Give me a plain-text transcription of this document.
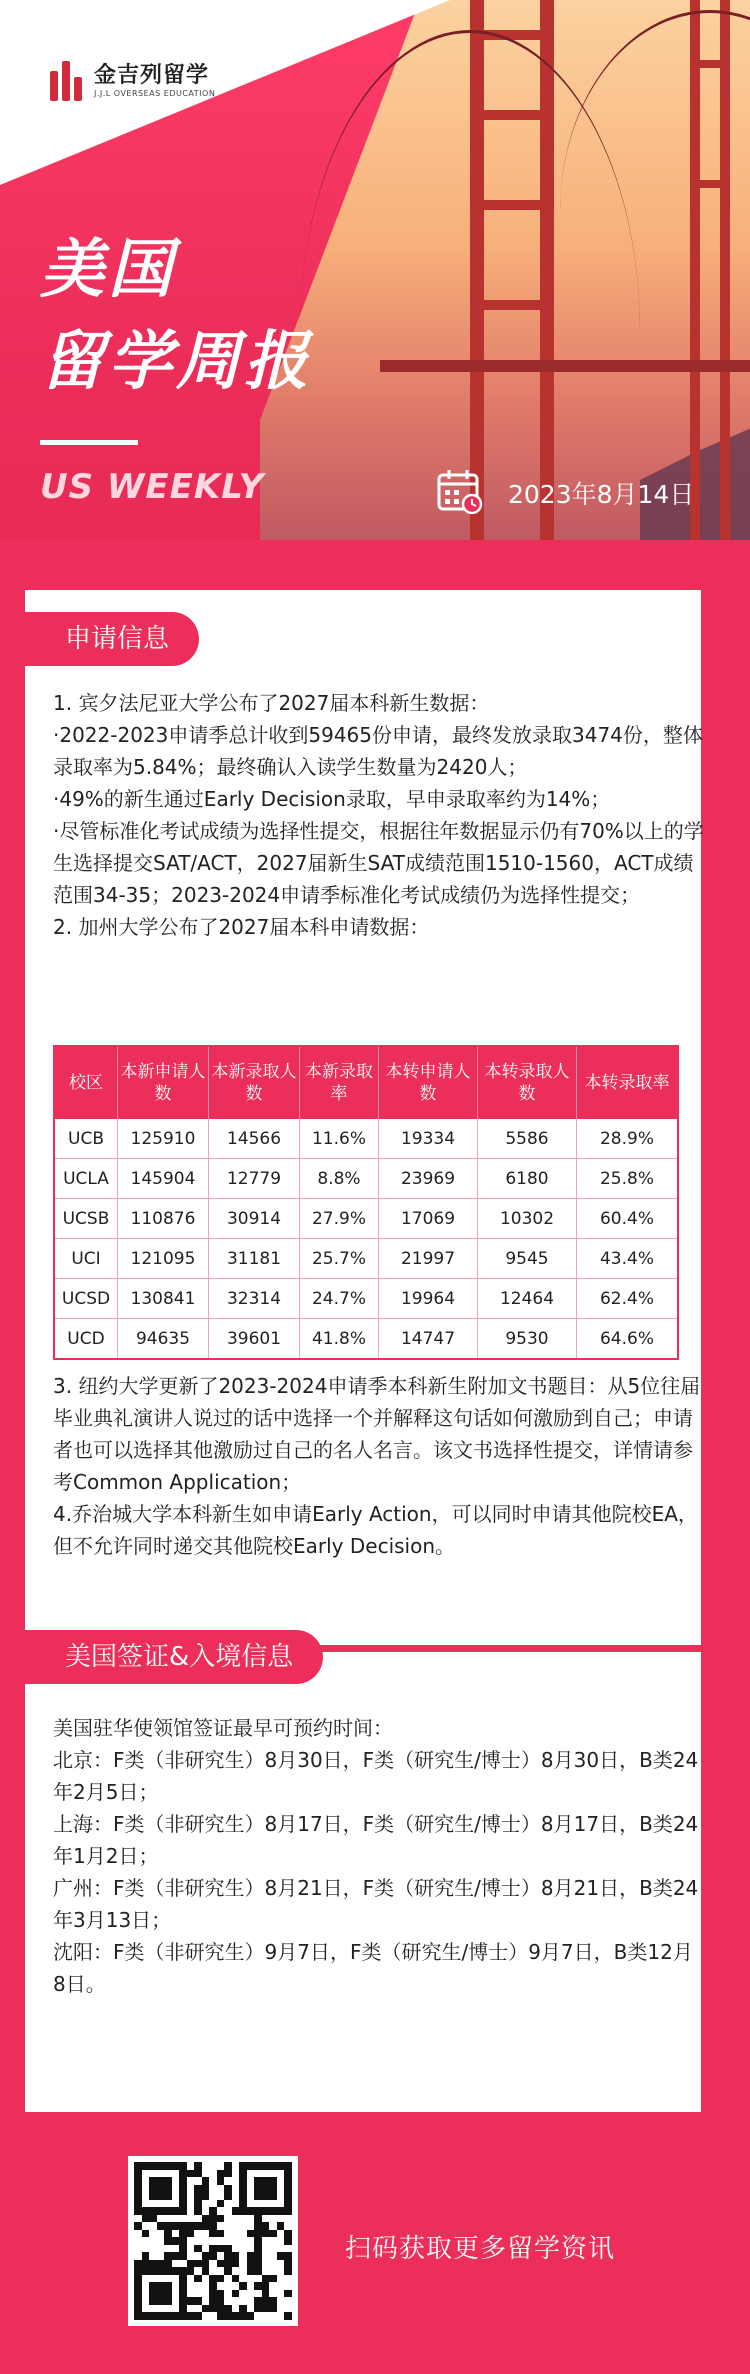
金吉列留学
J.J.L OVERSEAS EDUCATION
美国
留学周报
US WEEKLY	2023年8月14日
申请信息

1. 宾夕法尼亚大学公布了2027届本科新生数据：

·2022-2023申请季总计收到59465份申请，最终发放录取3474份，整体录取率为5.84%；最终确认入读学生数量为2420人；

·49%的新生通过Early Decision录取，早申录取率约为14%；

·尽管标准化考试成绩为选择性提交，根据往年数据显示仍有70%以上的学生选择提交SAT/ACT，2027届新生SAT成绩范围1510-1560，ACT成绩范围34-35；2023-2024申请季标准化考试成绩仍为选择性提交；

2. 加州大学公布了2027届本科申请数据：

校区	本新申请人数	本新录取人数	本新录取率	本转申请人数	本转录取人数	本转录取率
UCB	125910	14566	11.6%	19334	5586	28.9%
UCLA	145904	12779	8.8%	23969	6180	25.8%
UCSB	110876	30914	27.9%	17069	10302	60.4%
UCI	121095	31181	25.7%	21997	9545	43.4%
UCSD	130841	32314	24.7%	19964	12464	62.4%
UCD	94635	39601	41.8%	14747	9530	64.6%

3. 纽约大学更新了2023-2024申请季本科新生附加文书题目：从5位往届毕业典礼演讲人说过的话中选择一个并解释这句话如何激励到自己；申请者也可以选择其他激励过自己的名人名言。该文书选择性提交，详情请参考Common Application；

4.乔治城大学本科新生如申请Early Action，可以同时申请其他院校EA，但不允许同时递交其他院校Early Decision。

美国签证&入境信息

美国驻华使领馆签证最早可预约时间：

北京：F类（非研究生）8月30日，F类（研究生/博士）8月30日，B类24年2月5日；

上海：F类（非研究生）8月17日，F类（研究生/博士）8月17日，B类24年1月2日；

广州：F类（非研究生）8月21日，F类（研究生/博士）8月21日，B类24年3月13日；

沈阳：F类（非研究生）9月7日，F类（研究生/博士）9月7日，B类12月8日。

扫码获取更多留学资讯
